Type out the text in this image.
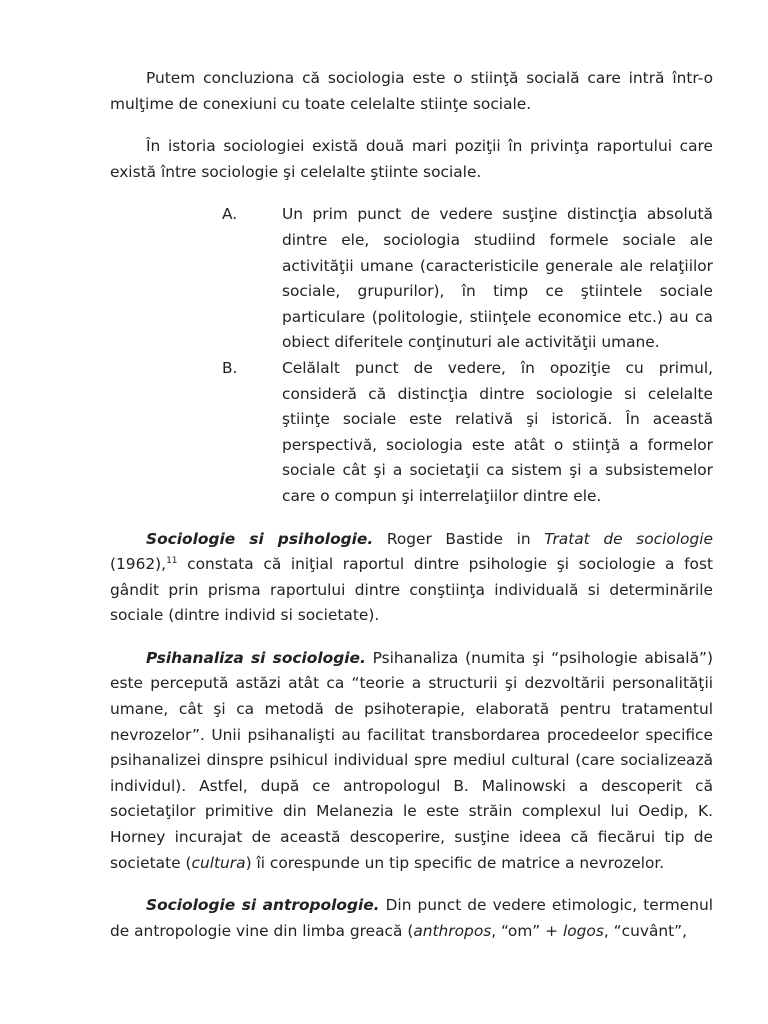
Putem concluziona că sociologia este o stiinţă socială care intră într-o mulţime de conexiuni cu toate celelalte stiinţe sociale.

În istoria sociologiei există două mari poziţii în privinţa raportului care există între sociologie şi celelalte ştiinte sociale.

A.	Un prim punct de vedere susţine distincţia absolută dintre ele, sociologia studiind formele sociale ale activităţii umane (caracteristicile generale ale relaţiilor sociale, grupurilor), în timp ce ştiintele sociale particulare (politologie, stiinţele economice etc.) au ca obiect diferitele conţinuturi ale activităţii umane.
B.	Celălalt punct de vedere, în opoziţie cu primul, consideră că distincţia dintre sociologie si celelalte ştiinţe sociale este relativă şi istorică. În această perspectivă, sociologia este atât o stiinţă a formelor sociale cât şi a societaţii ca sistem şi a subsistemelor care o compun şi interrelaţiilor dintre ele.

Sociologie si psihologie. Roger Bastide in Tratat de sociologie (1962),$^{11}$ constata că iniţial raportul dintre psihologie şi sociologie a fost gândit prin prisma raportului dintre conştiinţa individuală si determinările sociale (dintre individ si societate).

Psihanaliza si sociologie. Psihanaliza (numita şi “psihologie abisală”) este percepută astăzi atât ca “teorie a structurii şi dezvoltării personalităţii umane, cât şi ca metodă de psihoterapie, elaborată pentru tratamentul nevrozelor”. Unii psihanalişti au facilitat transbordarea procedeelor specifice psihanalizei dinspre psihicul individual spre mediul cultural (care socializează individul). Astfel, după ce antropologul B. Malinowski a descoperit că societaţilor primitive din Melanezia le este străin complexul lui Oedip, K. Horney incurajat de această descoperire, susţine ideea că fiecărui tip de societate (cultura) îi corespunde un tip specific de matrice a nevrozelor.

Sociologie si antropologie. Din punct de vedere etimologic, termenul de antropologie vine din limba greacă (anthropos, “om” + logos, “cuvânt”,
